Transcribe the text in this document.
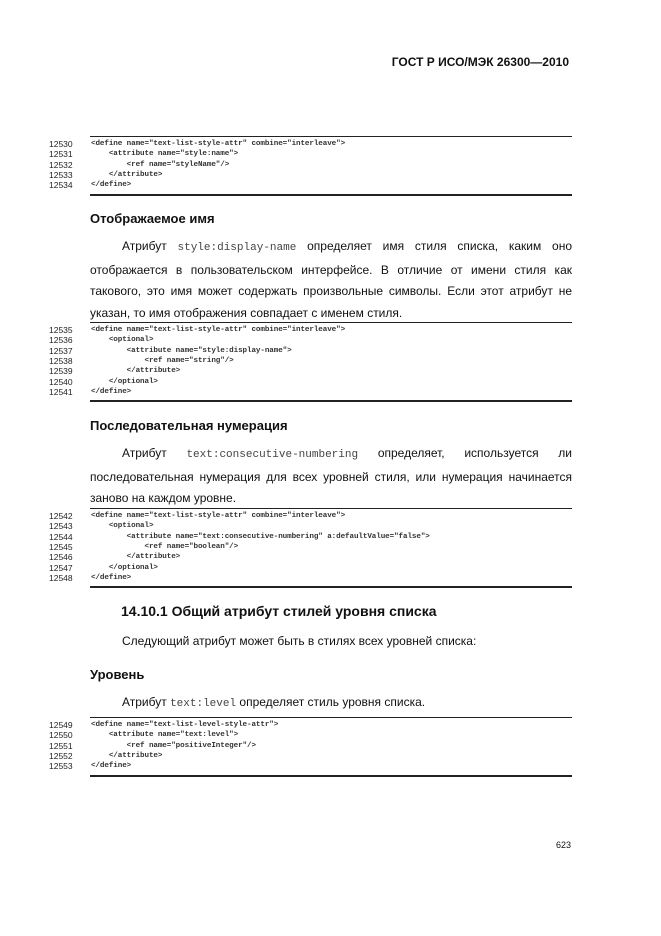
ГОСТ Р ИСО/МЭК 26300—2010
12530	<define name="text-list-style-attr" combine="interleave">
12531	<attribute name="style:name">
12532	<ref name="styleName"/>
12533	</attribute>
12534	</define>
Отображаемое имя
Атрибут style:display-name определяет имя стиля списка, каким оно отображается в пользовательском интерфейсе. В отличие от имени стиля как такового, это имя может содержать произвольные символы. Если этот атрибут не указан, то имя отображения совпадает с именем стиля.
12535	<define name="text-list-style-attr" combine="interleave">
12536	<optional>
12537	<attribute name="style:display-name">
12538	<ref name="string"/>
12539	</attribute>
12540	</optional>
12541	</define>
Последовательная нумерация
Атрибут text:consecutive-numbering определяет, используется ли последовательная нумерация для всех уровней стиля, или нумерация начинается заново на каждом уровне.
12542	<define name="text-list-style-attr" combine="interleave">
12543	<optional>
12544	<attribute name="text:consecutive-numbering" a:defaultValue="false">
12545	<ref name="boolean"/>
12546	</attribute>
12547	</optional>
12548	</define>
14.10.1 Общий атрибут стилей уровня списка
Следующий атрибут может быть в стилях всех уровней списка:
Уровень
Атрибут text:level определяет стиль уровня списка.
12549	<define name="text-list-level-style-attr">
12550	<attribute name="text:level">
12551	<ref name="positiveInteger"/>
12552	</attribute>
12553	</define>
623
